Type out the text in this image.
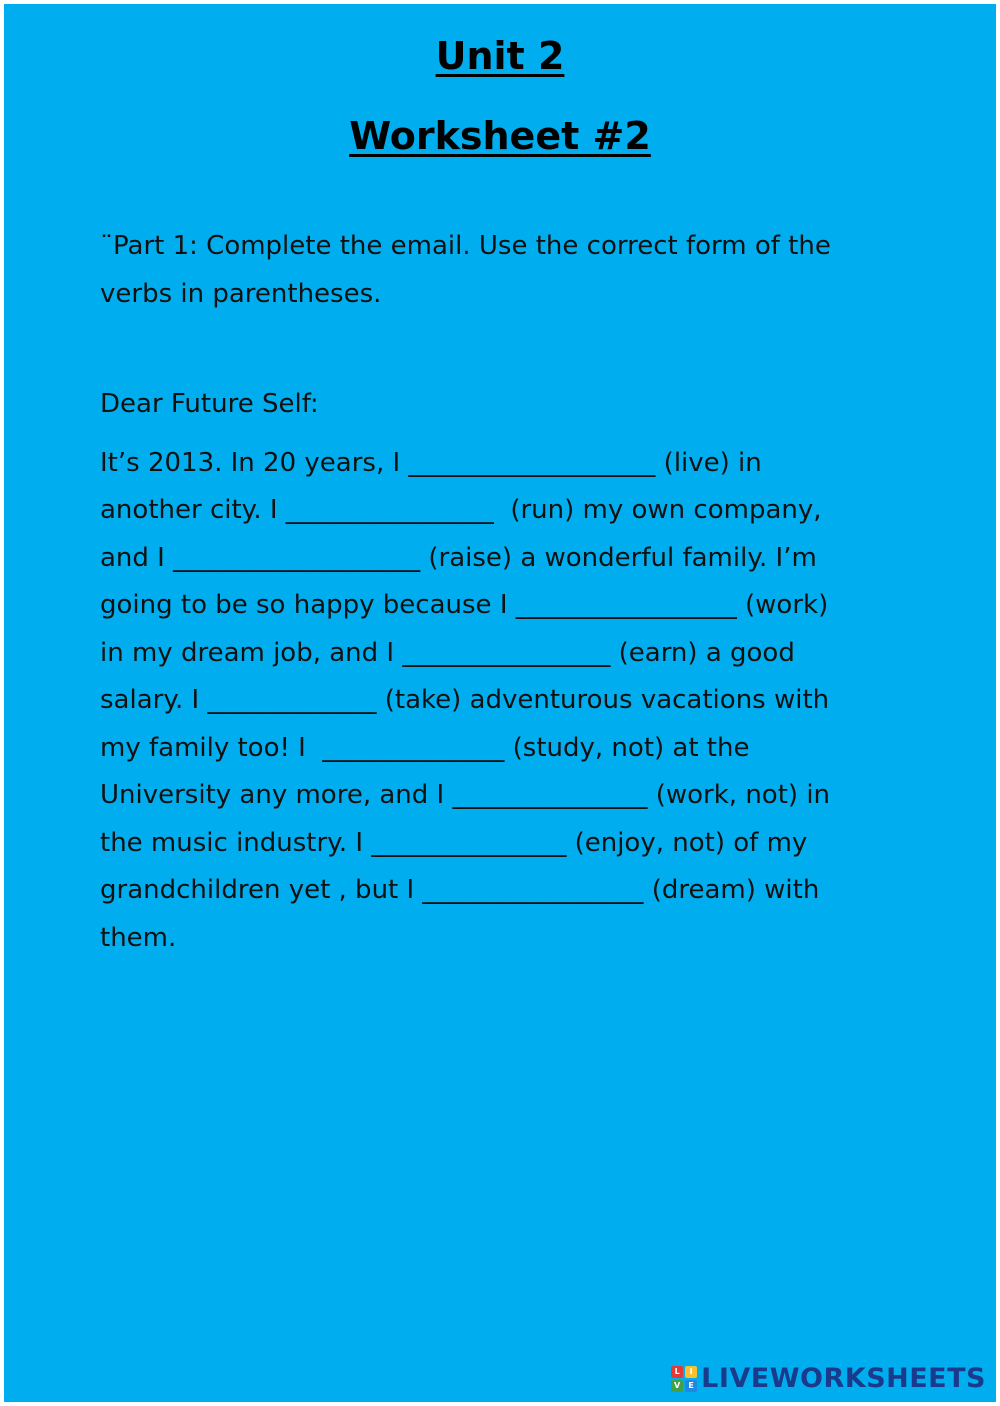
Unit 2
Worksheet #2
¨Part 1: Complete the email. Use the correct form of the
verbs in parentheses.
Dear Future Self:
It’s 2013. In 20 years, I ___________________ (live) in
another city. I ________________  (run) my own company,
and I ___________________ (raise) a wonderful family. I’m
going to be so happy because I _________________ (work)
in my dream job, and I ________________ (earn) a good
salary. I _____________ (take) adventurous vacations with
my family too! I  ______________ (study, not) at the
University any more, and I _______________ (work, not) in
the music industry. I _______________ (enjoy, not) of my
grandchildren yet , but I _________________ (dream) with
them.
L	I
V	E LIVEWORKSHEETS
